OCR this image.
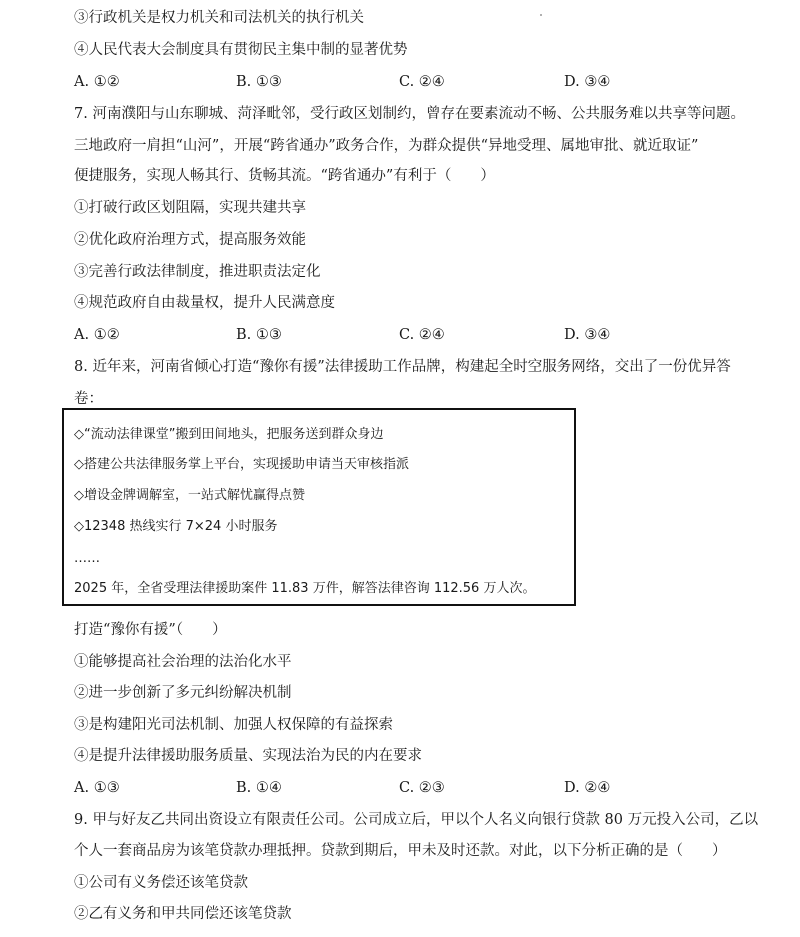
③行政机关是权力机关和司法机关的执行机关
④人民代表大会制度具有贯彻民主集中制的显著优势
A. ①②	B. ①③	C. ②④	D. ③④
7. 河南濮阳与山东聊城、菏泽毗邻，受行政区划制约，曾存在要素流动不畅、公共服务难以共享等问题。
三地政府一肩担“山河”，开展“跨省通办”政务合作，为群众提供“异地受理、属地审批、就近取证”
便捷服务，实现人畅其行、货畅其流。“跨省通办”有利于（　　）
①打破行政区划阻隔，实现共建共享
②优化政府治理方式，提高服务效能
③完善行政法律制度，推进职责法定化
④规范政府自由裁量权，提升人民满意度
A. ①②	B. ①③	C. ②④	D. ③④
8. 近年来，河南省倾心打造“豫你有援”法律援助工作品牌，构建起全时空服务网络，交出了一份优异答
卷：
◇“流动法律课堂”搬到田间地头，把服务送到群众身边
◇搭建公共法律服务掌上平台，实现援助申请当天审核指派
◇增设金牌调解室，一站式解忧赢得点赞
◇12348 热线实行 7×24 小时服务
……
2025 年，全省受理法律援助案件 11.83 万件，解答法律咨询 112.56 万人次。
打造“豫你有援”（　　）
①能够提高社会治理的法治化水平
②进一步创新了多元纠纷解决机制
③是构建阳光司法机制、加强人权保障的有益探索
④是提升法律援助服务质量、实现法治为民的内在要求
A. ①③	B. ①④	C. ②③	D. ②④
9. 甲与好友乙共同出资设立有限责任公司。公司成立后，甲以个人名义向银行贷款 80 万元投入公司，乙以
个人一套商品房为该笔贷款办理抵押。贷款到期后，甲未及时还款。对此，以下分析正确的是（　　）
①公司有义务偿还该笔贷款
②乙有义务和甲共同偿还该笔贷款
